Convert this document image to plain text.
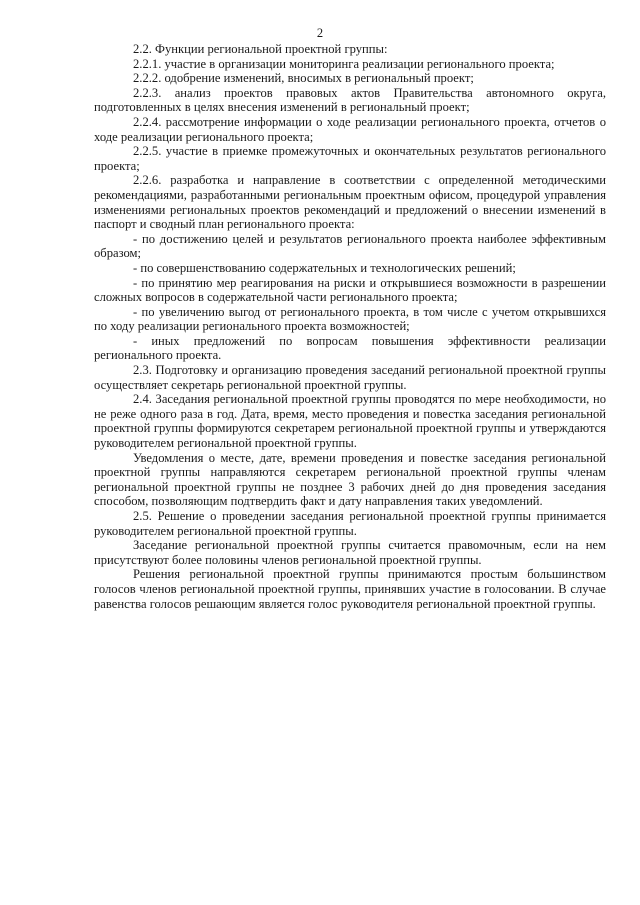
2

2.2. Функции региональной проектной группы:

2.2.1. участие в организации мониторинга реализации регионального проекта;

2.2.2. одобрение изменений, вносимых в региональный проект;

2.2.3. анализ проектов правовых актов Правительства автономного округа, подготовленных в целях внесения изменений в региональный проект;

2.2.4. рассмотрение информации о ходе реализации регионального проекта, отчетов о ходе реализации регионального проекта;

2.2.5. участие в приемке промежуточных и окончательных результатов регионального проекта;

2.2.6. разработка и направление в соответствии с определенной методическими рекомендациями, разработанными региональным проектным офисом, процедурой управления изменениями региональных проектов рекомендаций и предложений о внесении изменений в паспорт и сводный план регионального проекта:

- по достижению целей и результатов регионального проекта наиболее эффективным образом;

- по совершенствованию содержательных и технологических решений;

- по принятию мер реагирования на риски и открывшиеся возможности в разрешении сложных вопросов в содержательной части регионального проекта;

- по увеличению выгод от регионального проекта, в том числе с учетом открывшихся по ходу реализации регионального проекта возможностей;

- иных предложений по вопросам повышения эффективности реализации регионального проекта.

2.3. Подготовку и организацию проведения заседаний региональной проектной группы осуществляет секретарь региональной проектной группы.

2.4. Заседания региональной проектной группы проводятся по мере необходимости, но не реже одного раза в год. Дата, время, место проведения и повестка заседания региональной проектной группы формируются секретарем региональной проектной группы и утверждаются руководителем региональной проектной группы.

Уведомления о месте, дате, времени проведения и повестке заседания региональной проектной группы направляются секретарем региональной проектной группы членам региональной проектной группы не позднее 3 рабочих дней до дня проведения заседания способом, позволяющим подтвердить факт и дату направления таких уведомлений.

2.5. Решение о проведении заседания региональной проектной группы принимается руководителем региональной проектной группы.

Заседание региональной проектной группы считается правомочным, если на нем присутствуют более половины членов региональной проектной группы.

Решения региональной проектной группы принимаются простым большинством голосов членов региональной проектной группы, принявших участие в голосовании. В случае равенства голосов решающим является голос руководителя региональной проектной группы.
